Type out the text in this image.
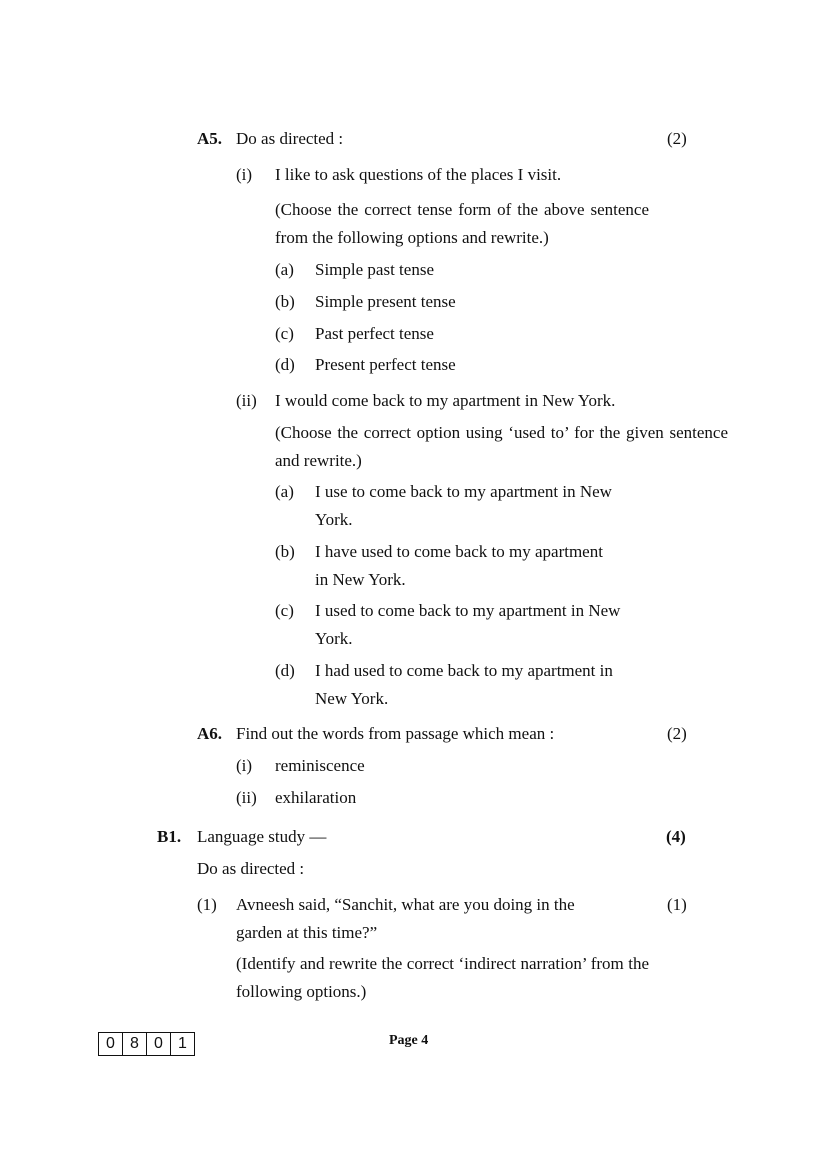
A5. Do as directed :	(2)
(i) I like to ask questions of the places I visit.
(Choose the correct tense form of the above sentence from the following options and rewrite.)
(a) Simple past tense
(b) Simple present tense
(c) Past perfect tense
(d) Present perfect tense
(ii) I would come back to my apartment in New York.
(Choose the correct option using ‘used to’ for the given sentence and rewrite.)
(a) I use to come back to my apartment in New
York.
(b) I have used to come back to my apartment
in New York.
(c) I used to come back to my apartment in New
York.
(d) I had used to come back to my apartment in
New York.
A6. Find out the words from passage which mean :	(2)
(i) reminiscence
(ii) exhilaration
B1. Language study —	(4)
Do as directed :
(1) Avneesh said, “Sanchit, what are you doing in the	(1)
garden at this time?”
(Identify and rewrite the correct ‘indirect narration’ from the following options.)
0 8 0 1	Page 4
